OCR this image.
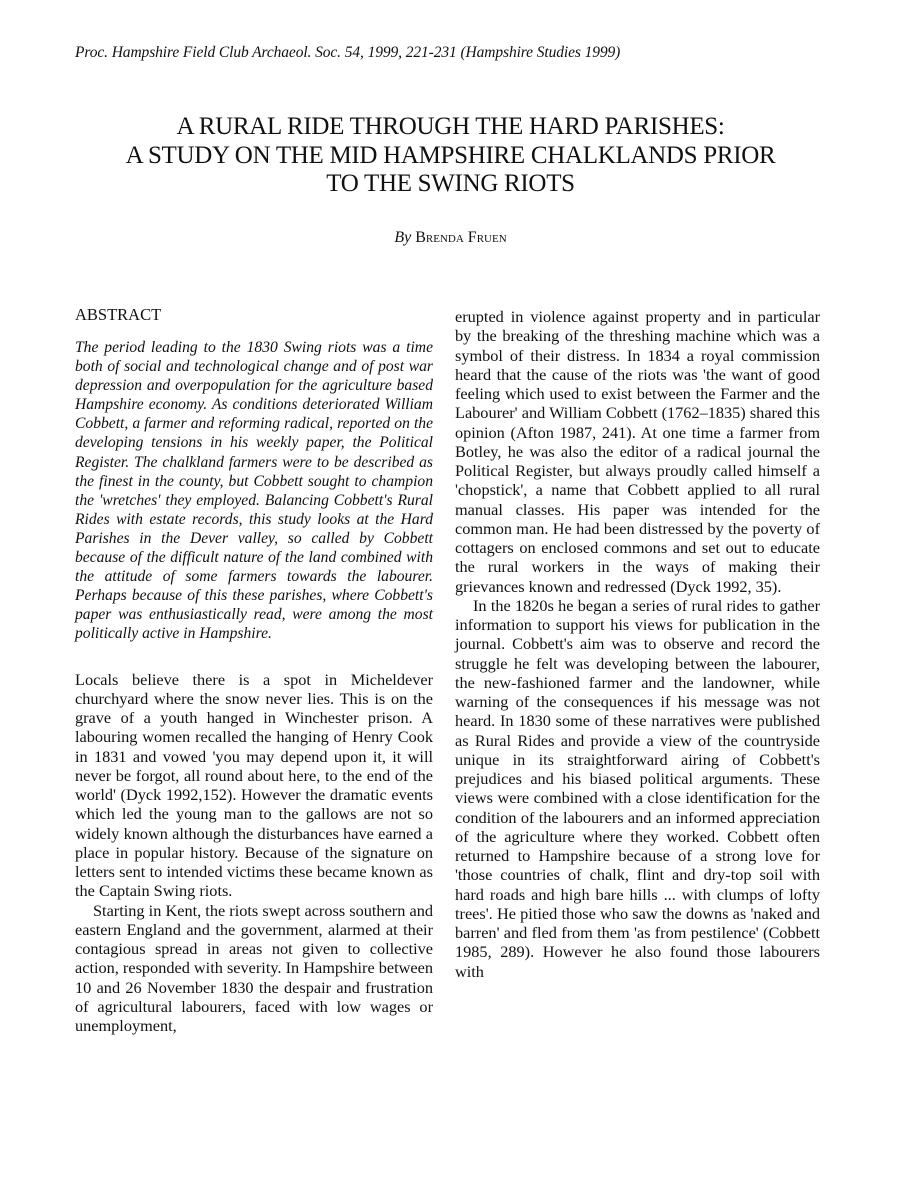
Proc. Hampshire Field Club Archaeol. Soc. 54, 1999, 221-231 (Hampshire Studies 1999)
A RURAL RIDE THROUGH THE HARD PARISHES:
A STUDY ON THE MID HAMPSHIRE CHALKLANDS PRIOR
TO THE SWING RIOTS
By Brenda Fruen
ABSTRACT

The period leading to the 1830 Swing riots was a time both of social and technological change and of post war depression and overpopulation for the agriculture based Hampshire economy. As conditions deteriorated William Cobbett, a farmer and reforming radical, reported on the developing tensions in his weekly paper, the Political Register. The chalkland farmers were to be described as the finest in the county, but Cobbett sought to champion the 'wretches' they employed. Balancing Cobbett's Rural Rides with estate records, this study looks at the Hard Parishes in the Dever valley, so called by Cobbett because of the difficult nature of the land combined with the attitude of some farmers towards the labourer. Perhaps because of this these parishes, where Cobbett's paper was enthusiastically read, were among the most politically active in Hampshire.

Locals believe there is a spot in Micheldever churchyard where the snow never lies. This is on the grave of a youth hanged in Winchester prison. A labouring women recalled the hanging of Henry Cook in 1831 and vowed 'you may depend upon it, it will never be forgot, all round about here, to the end of the world' (Dyck 1992,152). However the dramatic events which led the young man to the gallows are not so widely known although the disturbances have earned a place in popular history. Because of the signature on letters sent to intended victims these became known as the Captain Swing riots.

Starting in Kent, the riots swept across southern and eastern England and the government, alarmed at their contagious spread in areas not given to collective action, responded with severity. In Hampshire between 10 and 26 November 1830 the despair and frustration of agricultural labourers, faced with low wages or unemployment,

erupted in violence against property and in particular by the breaking of the threshing machine which was a symbol of their distress. In 1834 a royal commission heard that the cause of the riots was 'the want of good feeling which used to exist between the Farmer and the Labourer' and William Cobbett (1762–1835) shared this opinion (Afton 1987, 241). At one time a farmer from Botley, he was also the editor of a radical journal the Political Register, but always proudly called himself a 'chopstick', a name that Cobbett applied to all rural manual classes. His paper was intended for the common man. He had been distressed by the poverty of cottagers on enclosed commons and set out to educate the rural workers in the ways of making their grievances known and redressed (Dyck 1992, 35).

In the 1820s he began a series of rural rides to gather information to support his views for publication in the journal. Cobbett's aim was to observe and record the struggle he felt was developing between the labourer, the new-fashioned farmer and the landowner, while warning of the consequences if his message was not heard. In 1830 some of these narratives were published as Rural Rides and provide a view of the countryside unique in its straightforward airing of Cobbett's prejudices and his biased political arguments. These views were combined with a close identification for the condition of the labourers and an informed appreciation of the agriculture where they worked. Cobbett often returned to Hampshire because of a strong love for 'those countries of chalk, flint and dry-top soil with hard roads and high bare hills ... with clumps of lofty trees'. He pitied those who saw the downs as 'naked and barren' and fled from them 'as from pestilence' (Cobbett 1985, 289). However he also found those labourers with
